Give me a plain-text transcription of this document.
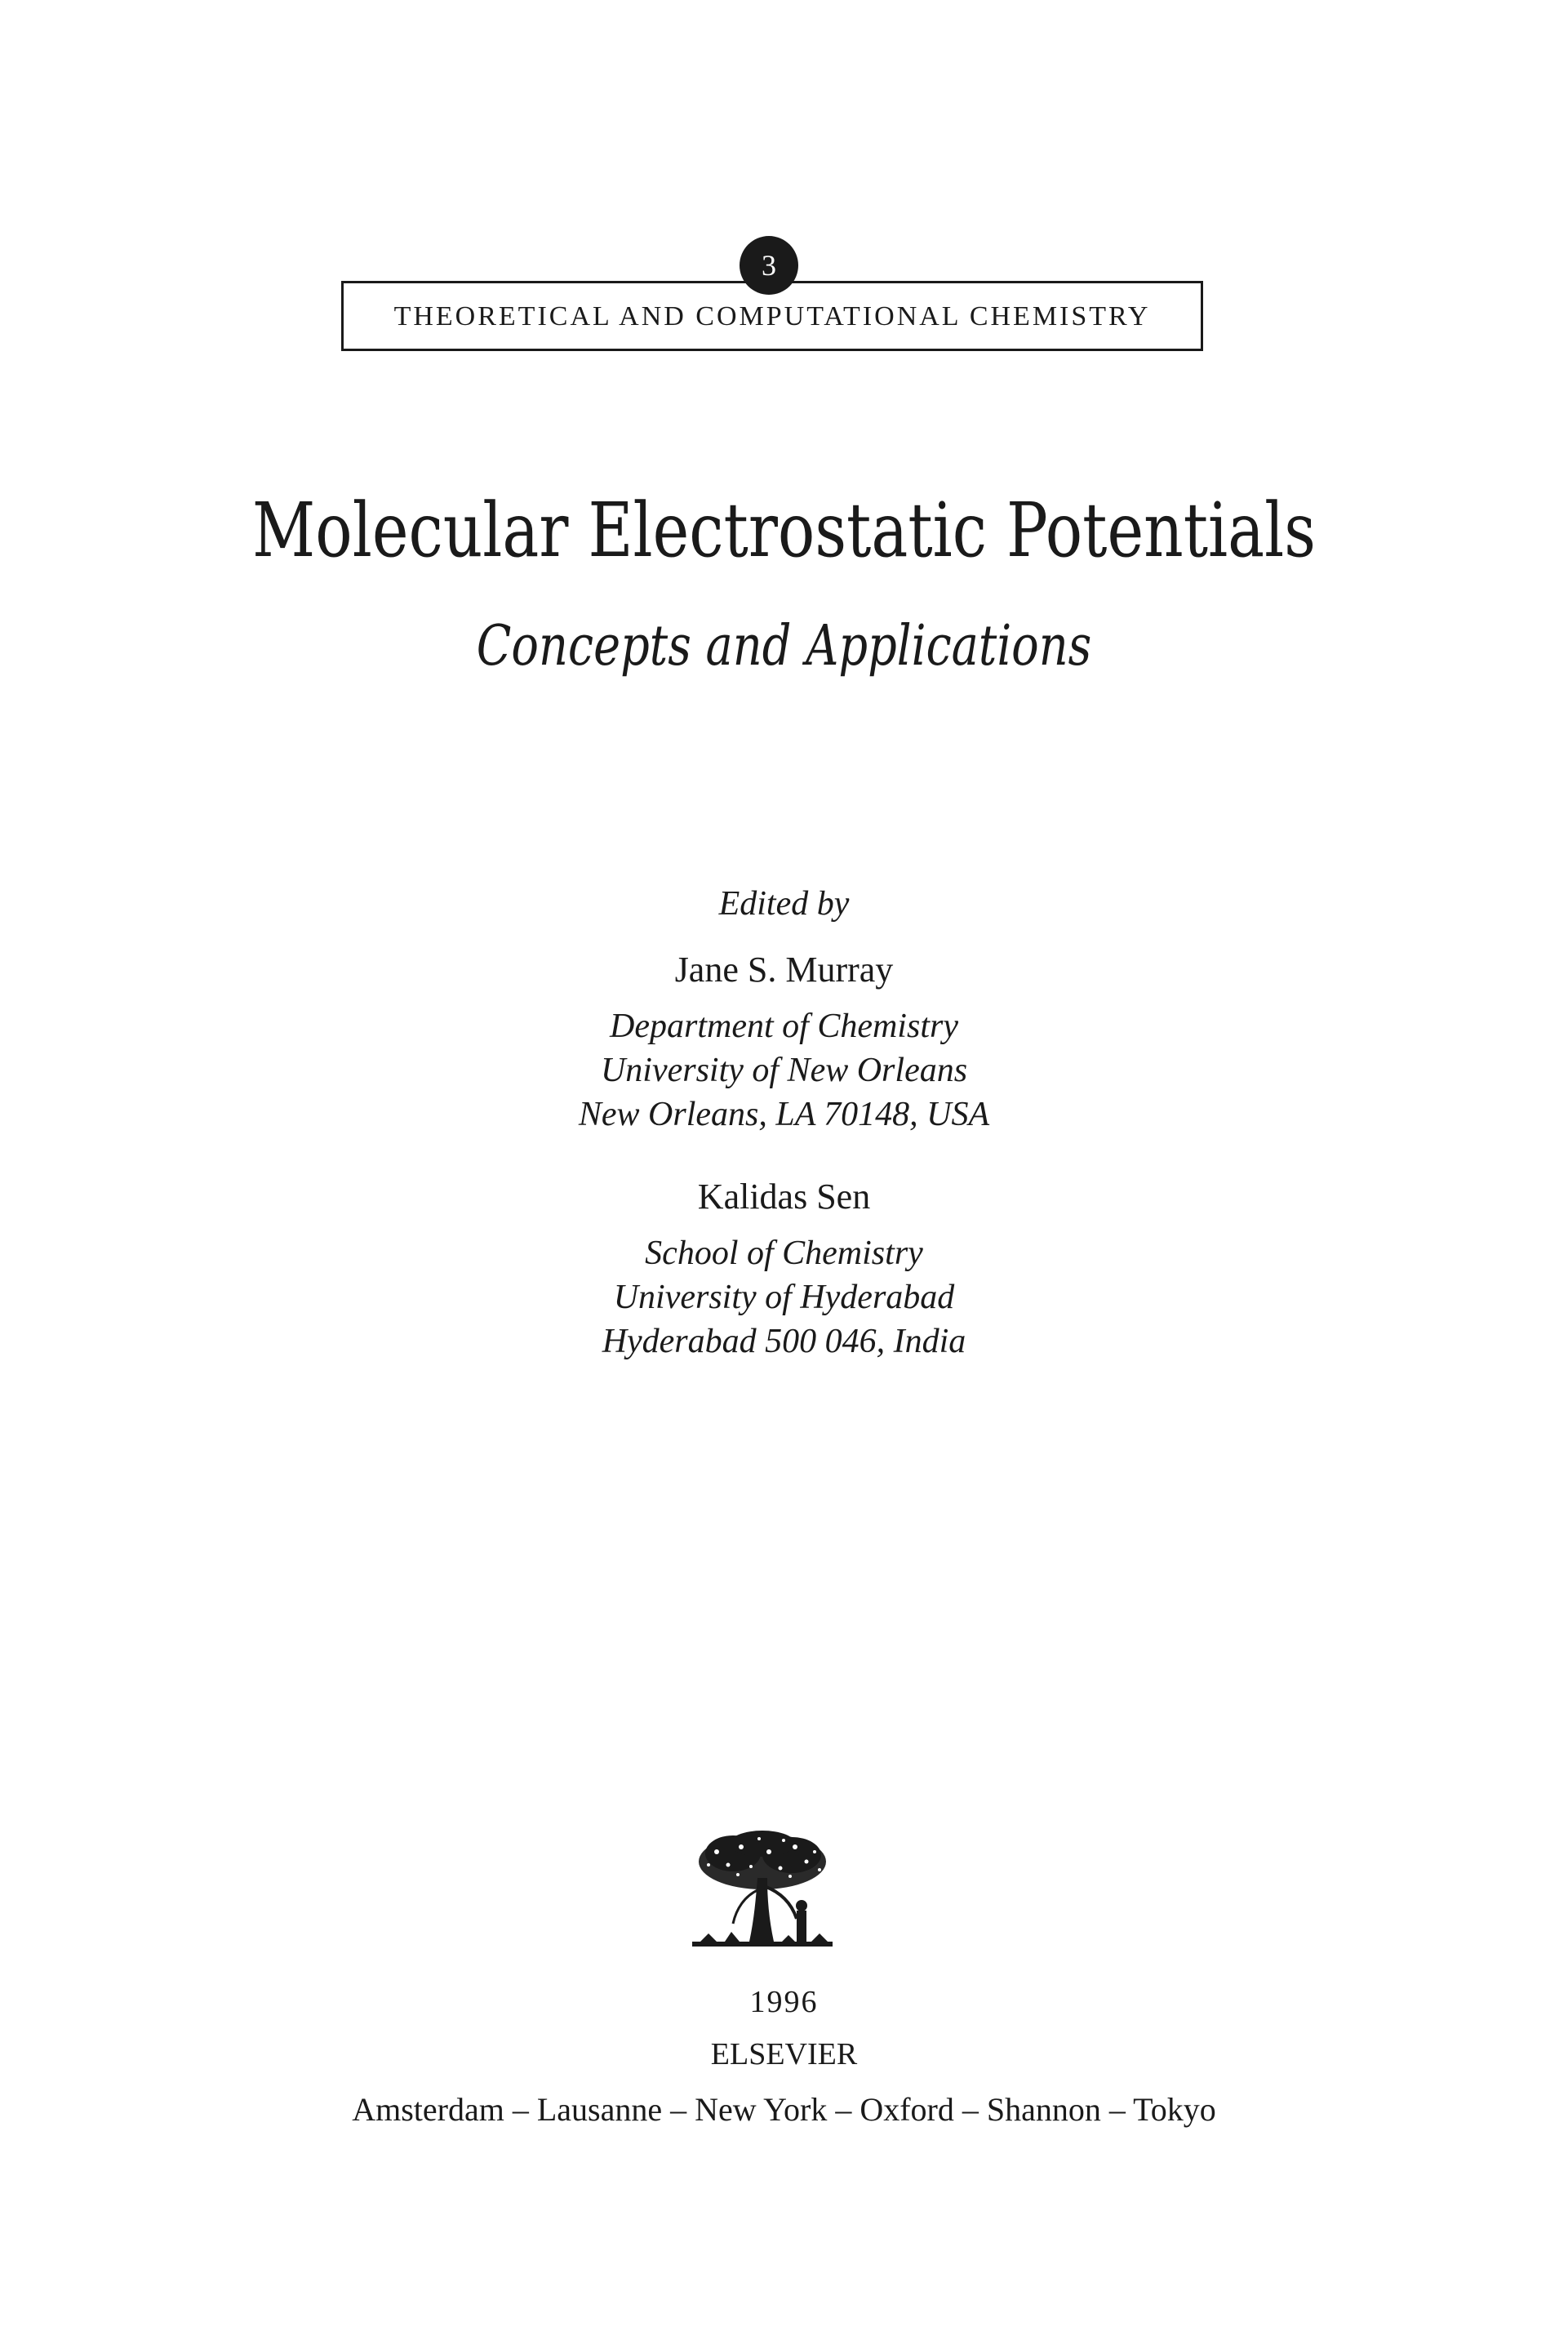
THEORETICAL AND COMPUTATIONAL CHEMISTRY
3
Molecular Electrostatic Potentials
Concepts and Applications
Edited by
Jane S. Murray
Department of Chemistry
University of New Orleans
New Orleans, LA 70148, USA
Kalidas Sen
School of Chemistry
University of Hyderabad
Hyderabad 500 046, India
1996
ELSEVIER
Amsterdam – Lausanne – New York – Oxford – Shannon – Tokyo
